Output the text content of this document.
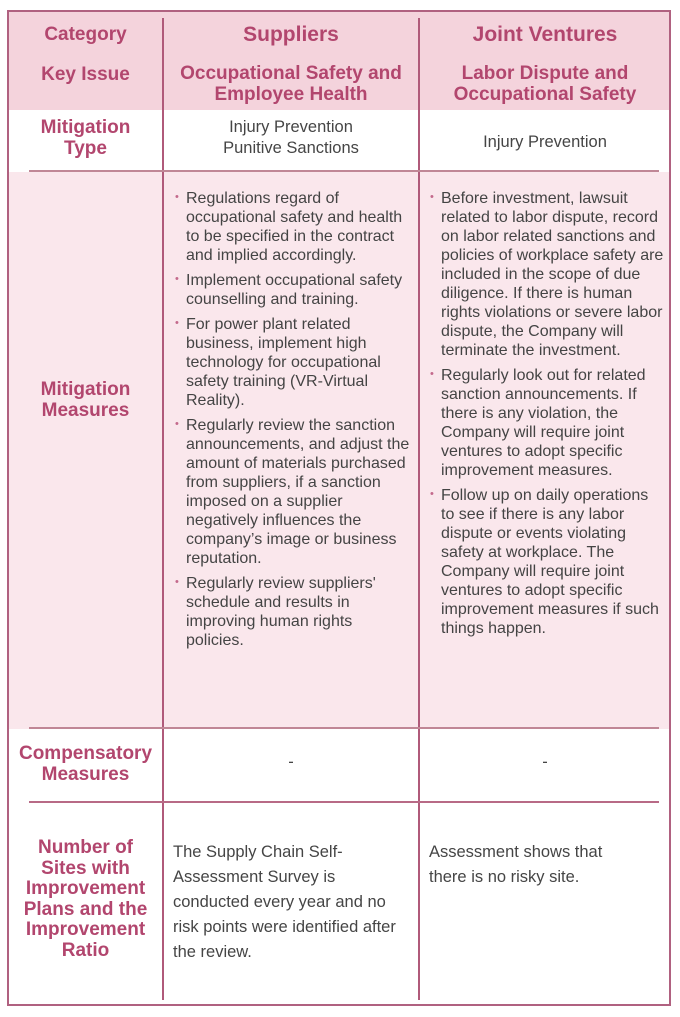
Category
Key Issue
Suppliers
Occupational Safety and Employee Health
Joint Ventures
Labor Dispute and Occupational Safety
Mitigation Type
Injury Prevention
Punitive Sanctions	Injury Prevention
Mitigation Measures
• Regulations regard of occupational safety and health to be specified in the contract and implied accordingly.
• Implement occupational safety counselling and training.
• For power plant related business, implement high technology for occupational safety training (VR-Virtual Reality).
• Regularly review the sanction announcements, and adjust the amount of materials purchased from suppliers, if a sanction imposed on a supplier negatively influences the company’s image or business reputation.
• Regularly review suppliers' schedule and results in improving human rights policies.
• Before investment, lawsuit related to labor dispute, record on labor related sanctions and policies of workplace safety are included in the scope of due diligence. If there is human rights violations or severe labor dispute, the Company will terminate the investment.
• Regularly look out for related sanction announcements. If there is any violation, the Company will require joint ventures to adopt specific improvement measures.
• Follow up on daily operations to see if there is any labor dispute or events violating safety at workplace. The Company will require joint ventures to adopt specific improvement measures if such things happen.
Compensatory Measures
-	-
Number of Sites with Improvement Plans and the Improvement Ratio
The Supply Chain Self-Assessment Survey is conducted every year and no risk points were identified after the review.
Assessment shows that there is no risky site.
